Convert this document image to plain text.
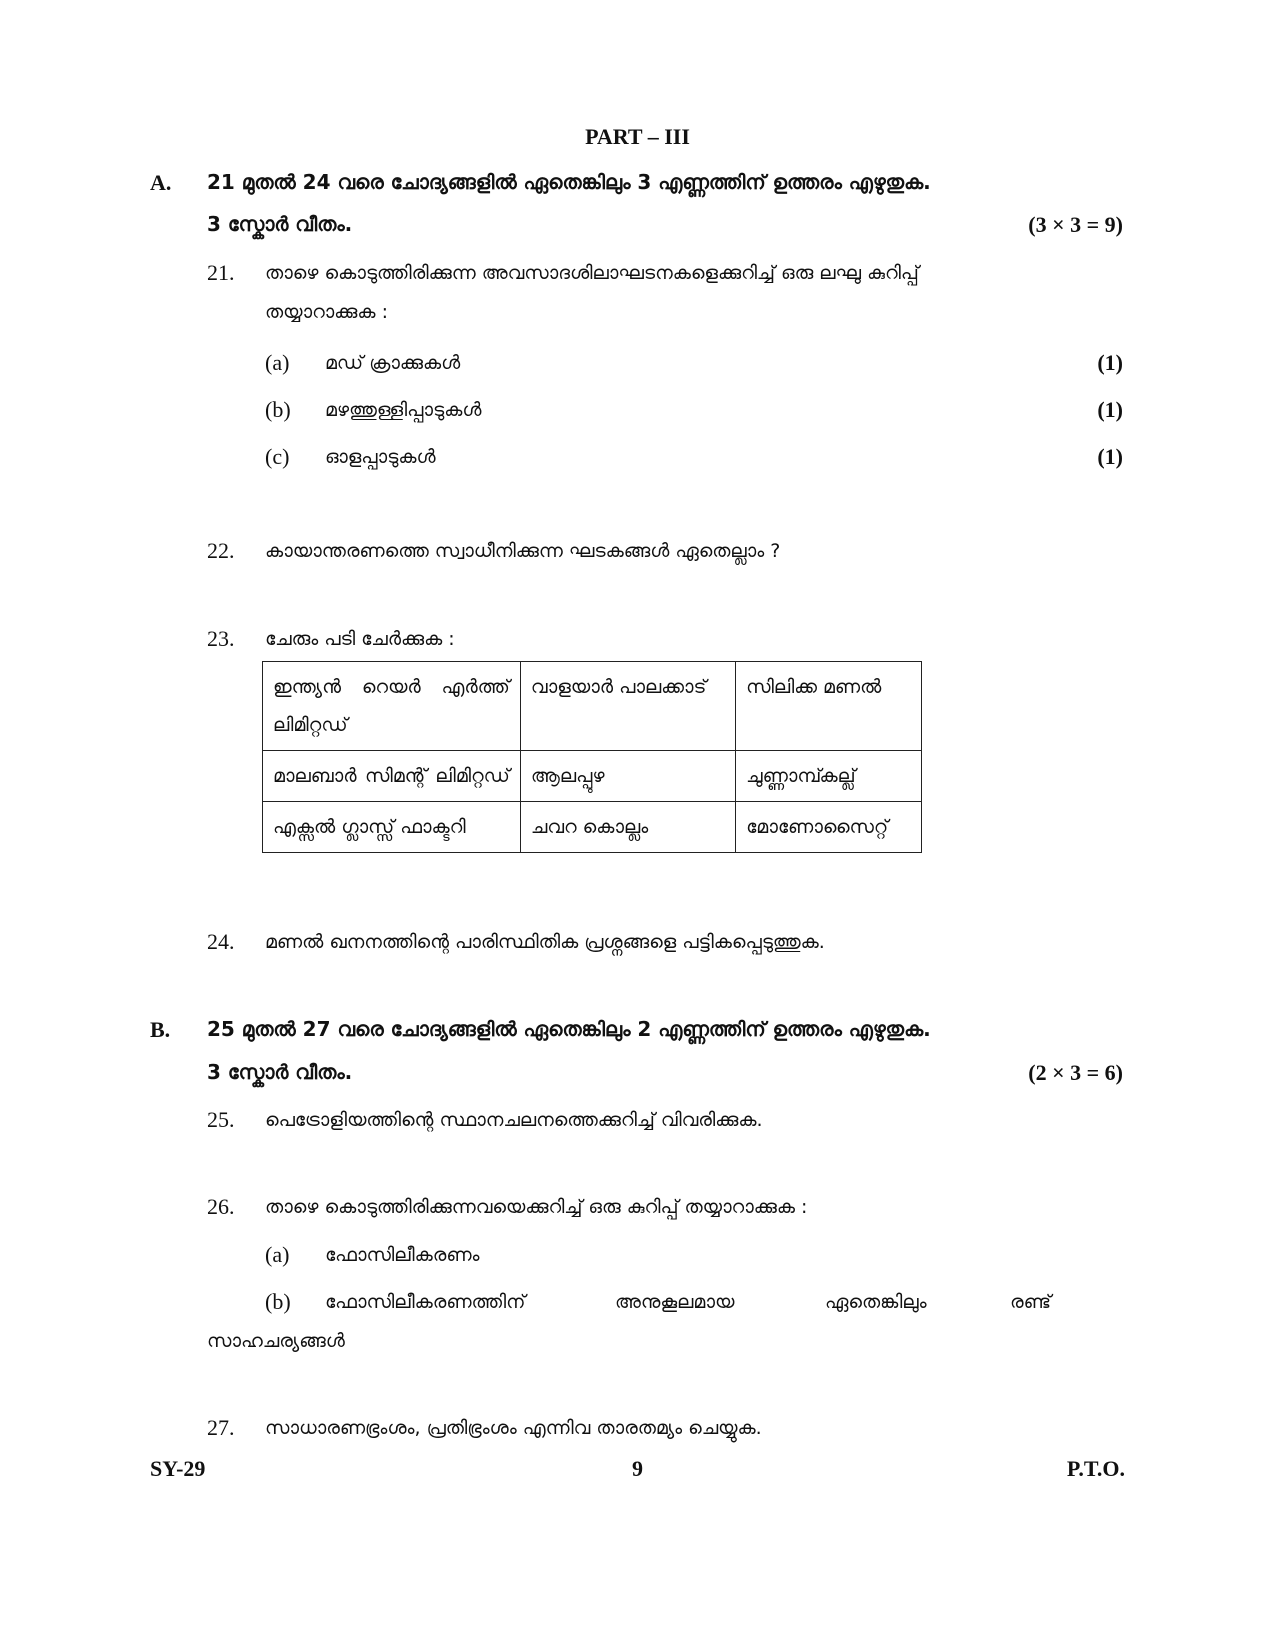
PART – III
A. 21 മുതൽ 24 വരെ ചോദ്യങ്ങളിൽ ഏതെങ്കിലും 3 എണ്ണത്തിന് ഉത്തരം എഴുതുക.
3 സ്കോർ വീതം.	(3 × 3 = 9)
21. താഴെ കൊടുത്തിരിക്കുന്ന അവസാദശിലാഘടനകളെക്കുറിച്ച് ഒരു ലഘു കുറിപ്പ്
തയ്യാറാക്കുക :
(a) മഡ് ക്രാക്കുകൾ	(1)
(b) മഴത്തുള്ളിപ്പാടുകൾ	(1)
(c) ഓളപ്പാടുകൾ	(1)
22. കായാന്തരണത്തെ സ്വാധീനിക്കുന്ന ഘടകങ്ങൾ ഏതെല്ലാം ?
23. ചേരും പടി ചേർക്കുക :
ഇന്ത്യൻ റെയർ എർത്ത് ലിമിറ്റഡ്	വാളയാർ പാലക്കാട്	സിലിക്ക മണൽ
മാലബാർ സിമന്റ് ലിമിറ്റഡ്	ആലപ്പുഴ	ചുണ്ണാമ്പ്കല്ല്
എക്സൽ ഗ്ലാസ്സ് ഫാക്ടറി	ചവറ കൊല്ലം	മോണോസൈറ്റ്
24. മണൽ ഖനനത്തിന്റെ പാരിസ്ഥിതിക പ്രശ്നങ്ങളെ പട്ടികപ്പെടുത്തുക.
B. 25 മുതൽ 27 വരെ ചോദ്യങ്ങളിൽ ഏതെങ്കിലും 2 എണ്ണത്തിന് ഉത്തരം എഴുതുക.
3 സ്കോർ വീതം.	(2 × 3 = 6)
25. പെട്രോളിയത്തിന്റെ സ്ഥാനചലനത്തെക്കുറിച്ച് വിവരിക്കുക.
26. താഴെ കൊടുത്തിരിക്കുന്നവയെക്കുറിച്ച് ഒരു കുറിപ്പ് തയ്യാറാക്കുക :
(a) ഫോസിലീകരണം
(b) ഫോസിലീകരണത്തിന്	അനുകൂലമായ	ഏതെങ്കിലും	രണ്ട്
സാഹചര്യങ്ങൾ
27. സാധാരണഭ്രംശം, പ്രതിഭ്രംശം എന്നിവ താരതമ്യം ചെയ്യുക.
SY-29	9	P.T.O.
